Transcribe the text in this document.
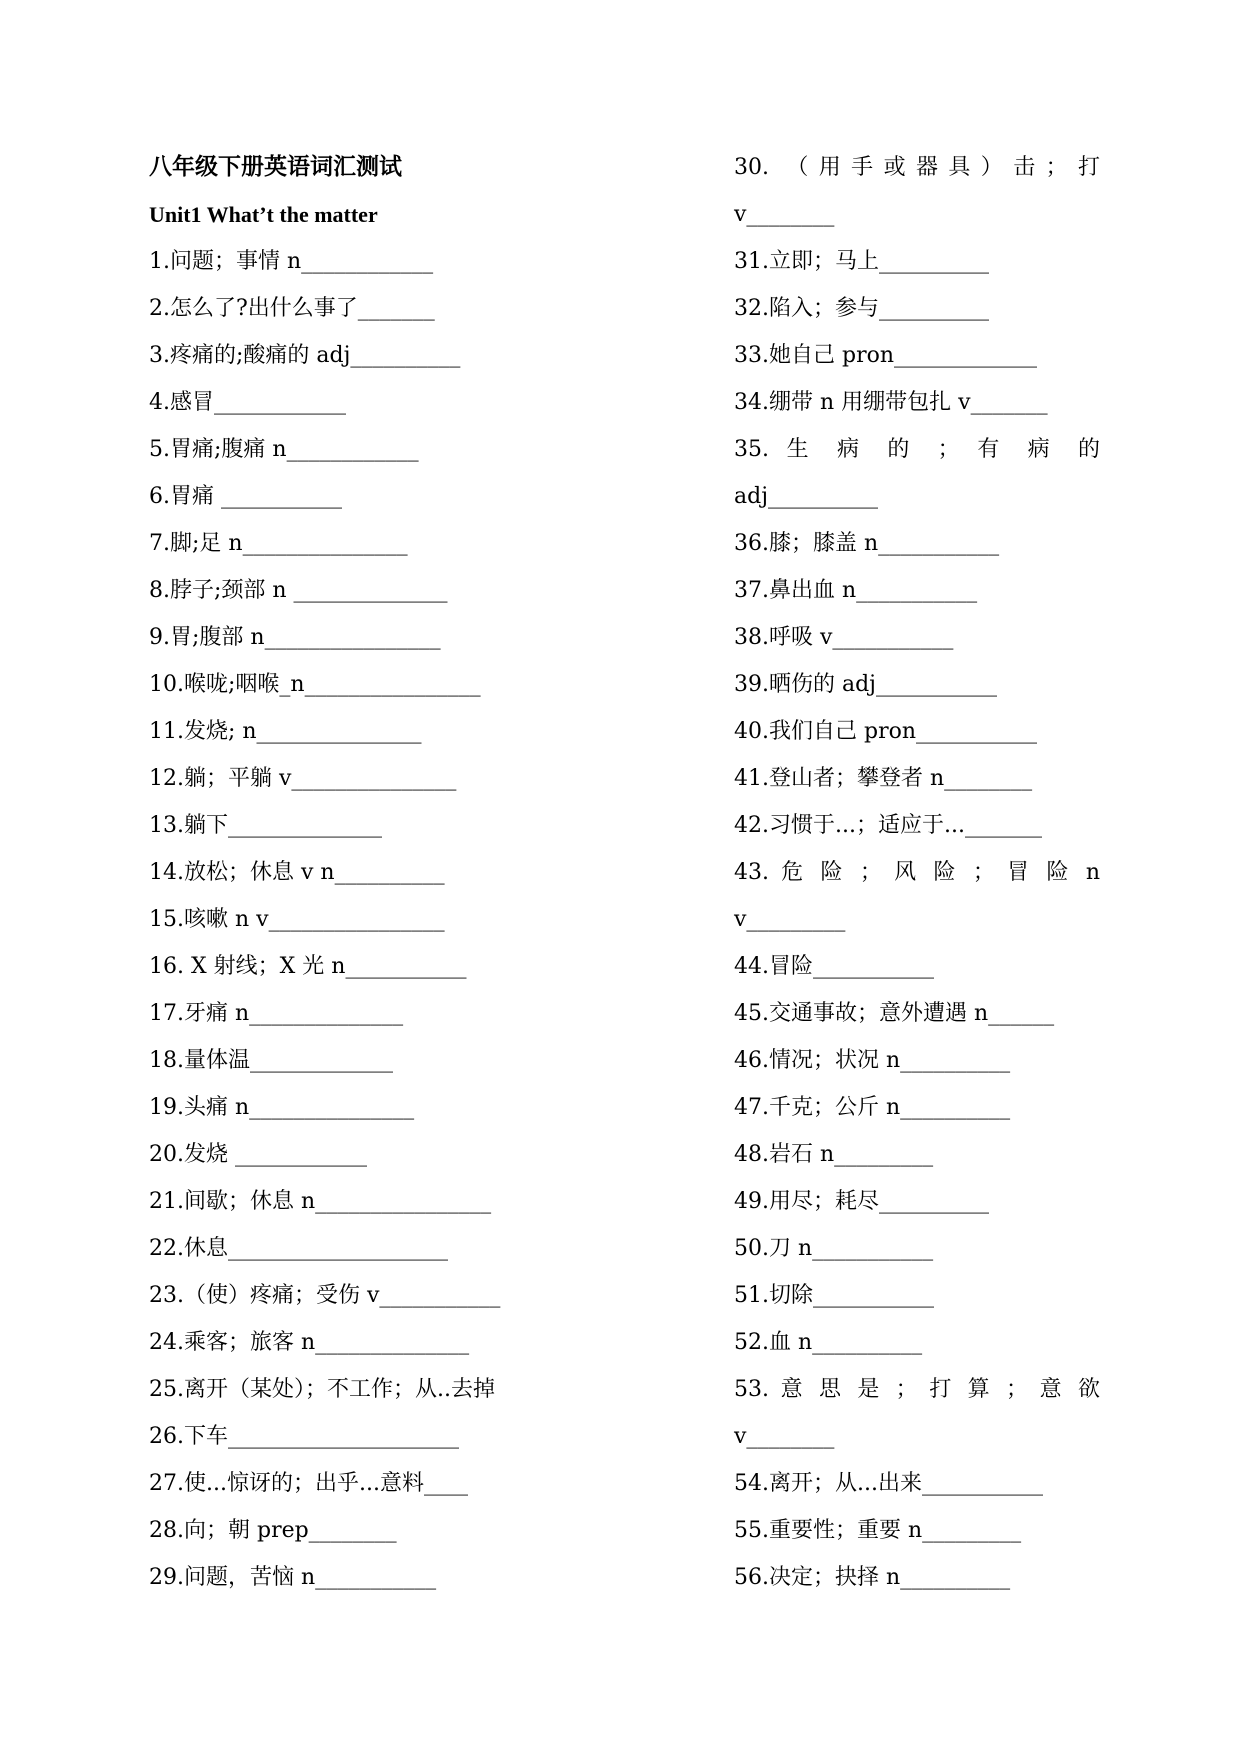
八年级下册英语词汇测试
Unit1 What’t the matter
1.问题；事情 n____________
2.怎么了?出什么事了_______
3.疼痛的;酸痛的 adj__________
4.感冒____________
5.胃痛;腹痛 n____________
6.胃痛 ___________
7.脚;足 n_______________
8.脖子;颈部 n ______________
9.胃;腹部 n________________
10.喉咙;咽喉_n________________
11.发烧; n_______________
12.躺；平躺 v_______________
13.躺下______________
14.放松；休息 v n__________
15.咳嗽 n v________________
16. X 射线；X 光 n___________
17.牙痛 n______________
18.量体温_____________
19.头痛 n_______________
20.发烧 ____________
21.间歇；休息 n________________
22.休息____________________
23.（使）疼痛；受伤 v___________
24.乘客；旅客 n______________
25.离开（某处）；不工作；从..去掉
26.下车_____________________
27.使...惊讶的；出乎...意料____
28.向；朝 prep________
29.问题，苦恼 n___________
30. （用手或器具）击；打
v________
31.立即；马上__________
32.陷入；参与__________
33.她自己 pron_____________
34.绷带 n 用绷带包扎 v_______
35. 生 病 的 ； 有 病 的
adj__________
36.膝；膝盖 n___________
37.鼻出血 n___________
38.呼吸 v___________
39.晒伤的 adj___________
40.我们自己 pron___________
41.登山者；攀登者 n________
42.习惯于...；适应于..._______
43. 危 险 ； 风 险 ； 冒 险 n
v_________
44.冒险___________
45.交通事故；意外遭遇 n______
46.情况；状况 n__________
47.千克；公斤 n__________
48.岩石 n_________
49.用尽；耗尽__________
50.刀 n___________
51.切除___________
52.血 n__________
53. 意 思 是 ； 打 算 ； 意 欲
v________
54.离开；从...出来___________
55.重要性；重要 n_________
56.决定；抉择 n__________
